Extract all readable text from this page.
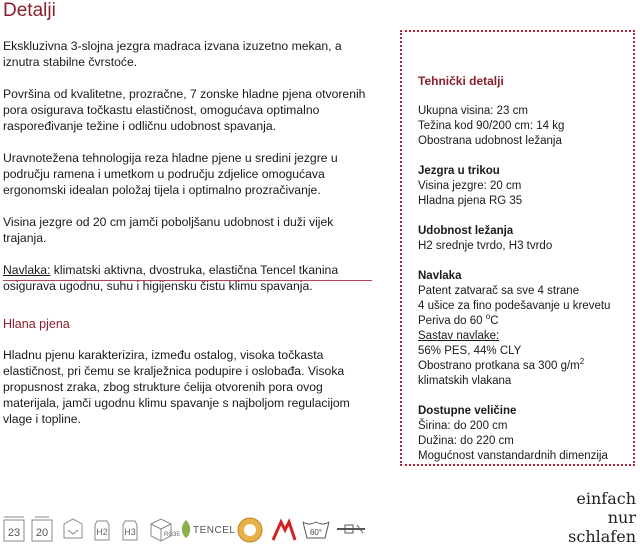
Detalji

Ekskluzivna 3-slojna jezgra madraca izvana izuzetno mekan, a iznutra stabilne čvrstoće.

Površina od kvalitetne, prozračne, 7 zonske hladne pjena otvorenih pora osigurava točkastu elastičnost, omogućava optimalno raspoređivanje težine i odličnu udobnost spavanja.

Uravnotežena tehnologija reza hladne pjene u sredini jezgre u području ramena i umetkom u području zdjelice omogućava ergonomski idealan položaj tijela i optimalno prozračivanje.

Visina jezgre od 20 cm jamči poboljšanu udobnost i duži vijek trajanja.

Navlaka: klimatski aktivna, dvostruka, elastična Tencel tkanina osigurava ugodnu, suhu i higijensku čistu klimu spavanja.

Hlana pjena

Hladnu pjenu karakterizira, između ostalog, visoka točkasta elastičnost, pri čemu se kralježnica podupire i oslobađa. Visoka propusnost zraka, zbog strukture ćelija otvorenih pora ovog materijala, jamči ugodnu klimu spavanje s najboljom regulacijom vlage i topline.

Tehnički detalji
Ukupna visina: 23 cm
Težina kod 90/200 cm: 14 kg
Obostrana udobnost ležanja
Jezgra u trikou
Visina jezgre: 20 cm
Hladna pjena RG 35
Udobnost ležanja
H2 srednje tvrdo, H3 tvrdo
Navlaka
Patent zatvarač sa sve 4 strane
4 ušice za fino podešavanje u krevetu
Periva do 60 $^o$C
Sastav navlake:
56% PES, 44% CLY
Obostrano protkana sa 300 $g/m^2$
klimatskih vlakana
Dostupne veličine
Širina: do 200 cm
Dužina: do 220 cm
Mogućnost vanstandardnih dimenzija
einfach
nur
schlafen
23 20	H2 H3	RG35 TENCEL	60°
